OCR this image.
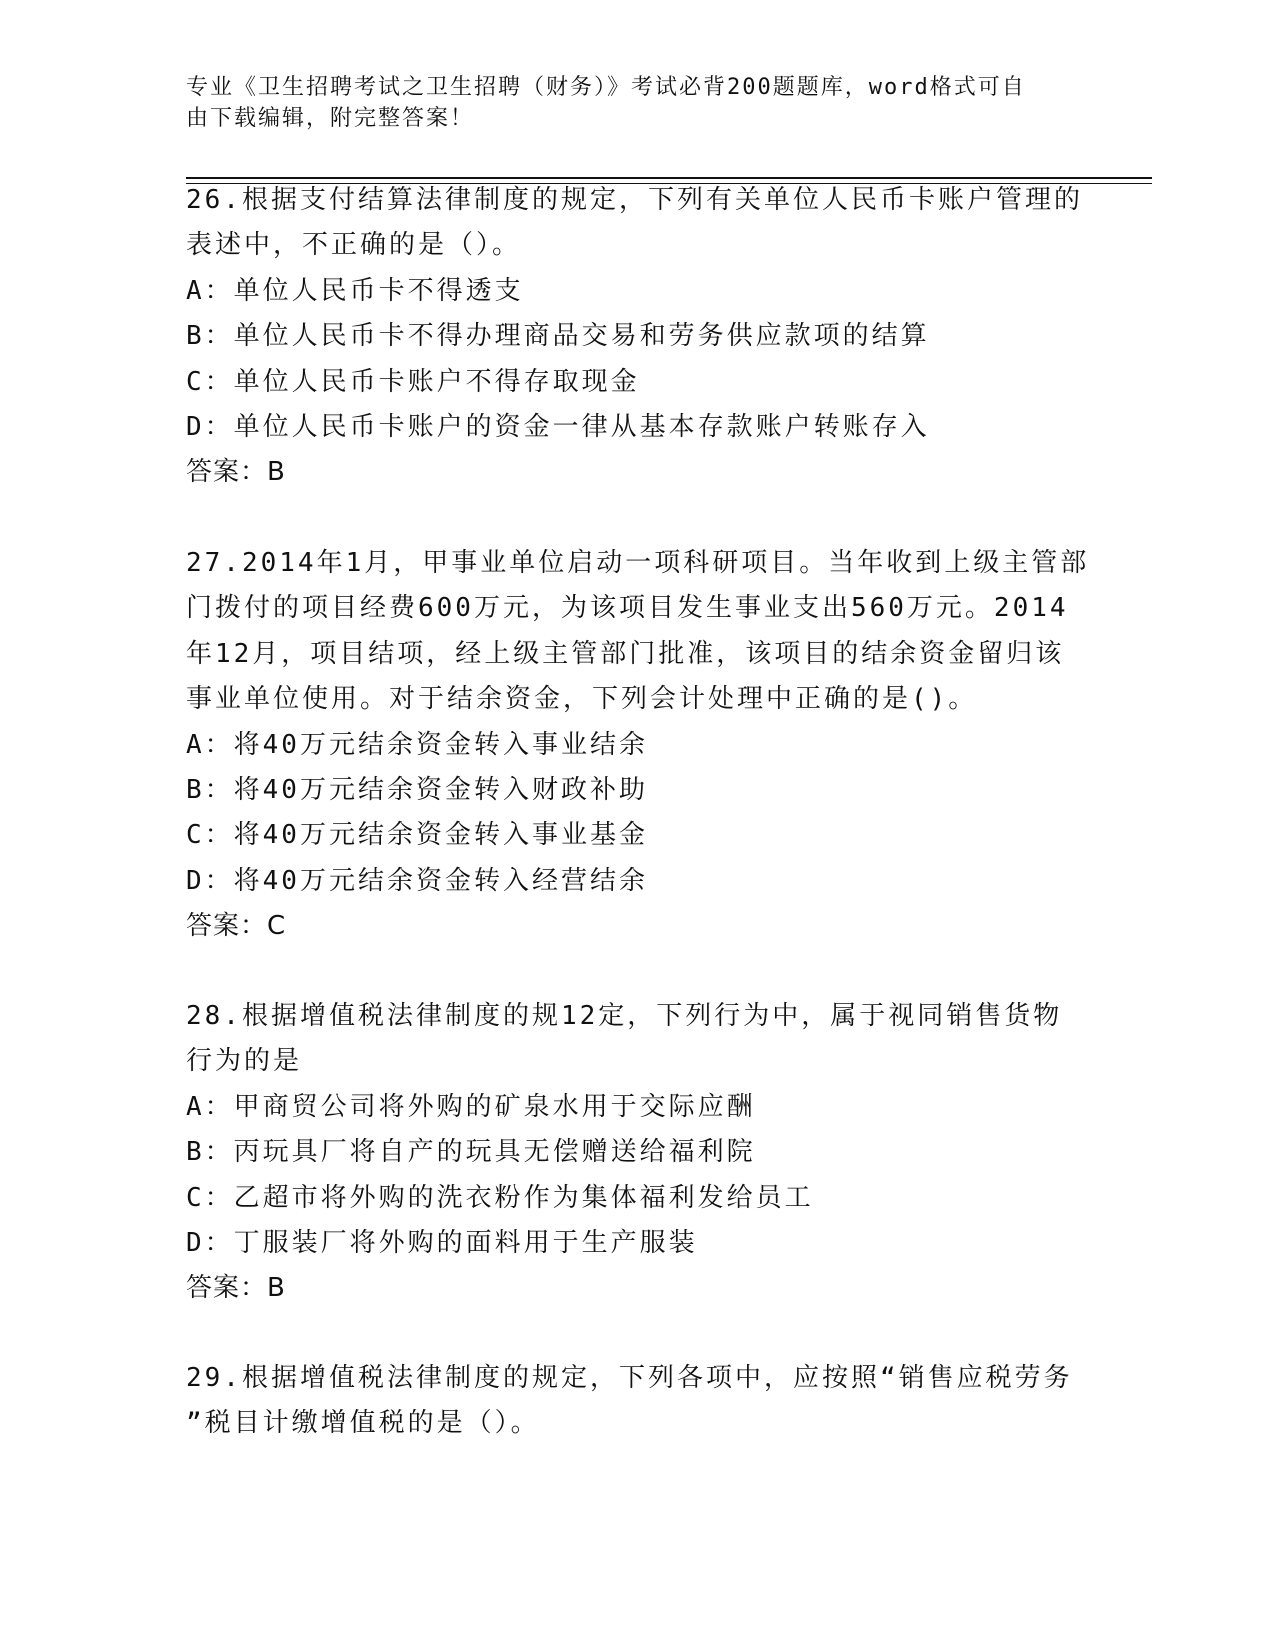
专业《卫生招聘考试之卫生招聘（财务）》考试必背200题题库，word格式可自
由下载编辑，附完整答案！
26.根据支付结算法律制度的规定，下列有关单位人民币卡账户管理的
表述中，不正确的是（）。
A：单位人民币卡不得透支
B：单位人民币卡不得办理商品交易和劳务供应款项的结算
C：单位人民币卡账户不得存取现金
D：单位人民币卡账户的资金一律从基本存款账户转账存入
答案：B
27.2014年1月，甲事业单位启动一项科研项目。当年收到上级主管部
门拨付的项目经费600万元，为该项目发生事业支出560万元。2014
年12月，项目结项，经上级主管部门批准，该项目的结余资金留归该
事业单位使用。对于结余资金，下列会计处理中正确的是()。
A：将40万元结余资金转入事业结余
B：将40万元结余资金转入财政补助
C：将40万元结余资金转入事业基金
D：将40万元结余资金转入经营结余
答案：C
28.根据增值税法律制度的规12定，下列行为中，属于视同销售货物
行为的是
A：甲商贸公司将外购的矿泉水用于交际应酬
B：丙玩具厂将自产的玩具无偿赠送给福利院
C：乙超市将外购的洗衣粉作为集体福利发给员工
D：丁服装厂将外购的面料用于生产服装
答案：B
29.根据增值税法律制度的规定，下列各项中，应按照“销售应税劳务
”税目计缴增值税的是（）。
